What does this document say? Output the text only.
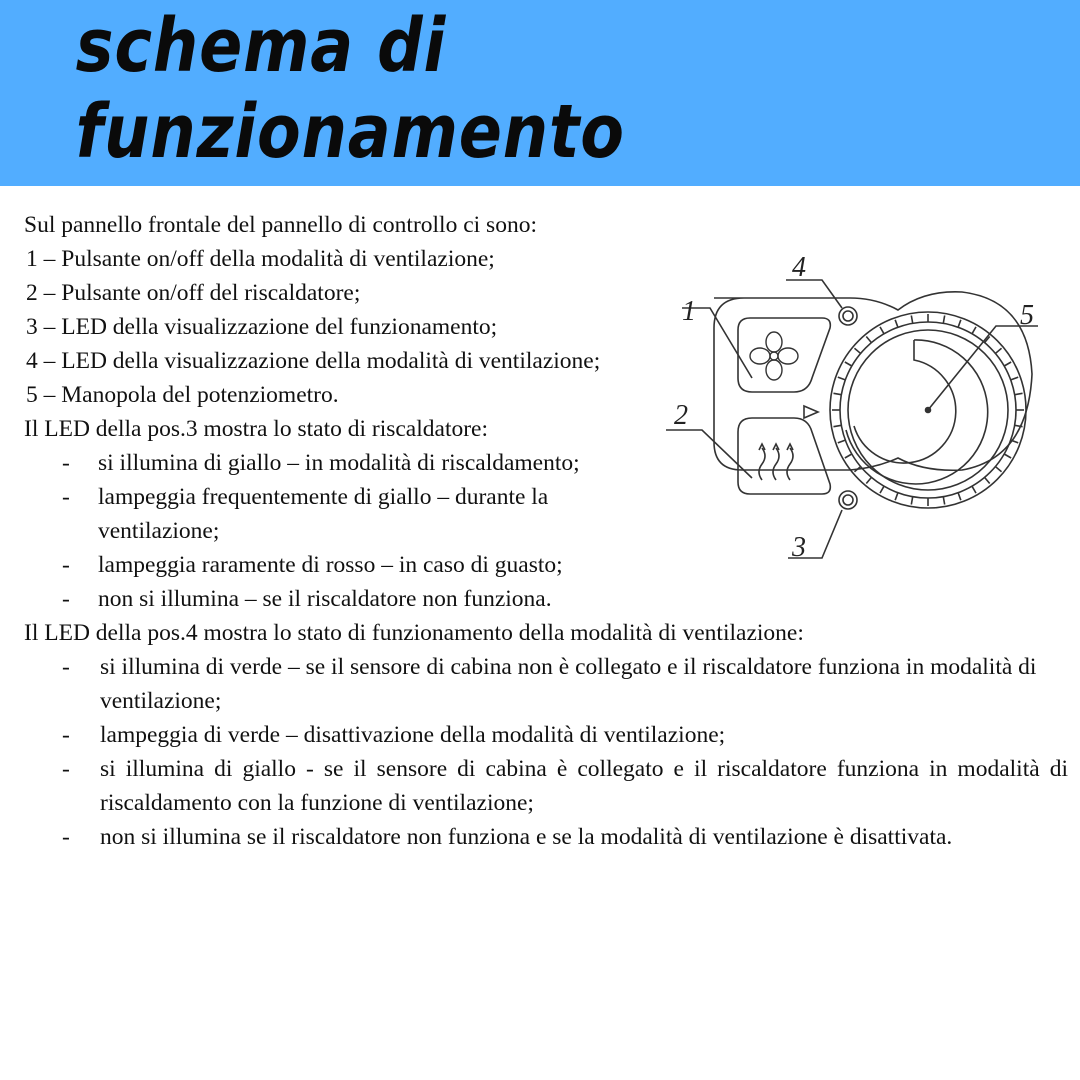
schema di funzionamento

Sul pannello frontale del pannello di controllo ci sono:

1 – Pulsante on/off della modalità di ventilazione;

2 – Pulsante on/off del riscaldatore;

3 – LED della visualizzazione del funzionamento;

4 – LED della visualizzazione della modalità di ventilazione;

5 – Manopola del potenziometro.

Il LED della pos.3 mostra lo stato di riscaldatore:

- si illumina di giallo – in modalità di riscaldamento;
- lampeggia frequentemente di giallo – durante la ventilazione;
- lampeggia raramente di rosso – in caso di guasto;
- non si illumina – se il riscaldatore non funziona.

Il LED della pos.4 mostra lo stato di funzionamento della modalità di ventilazione:

- si illumina di verde – se il sensore di cabina non è collegato e il riscaldatore funziona in modalità di ventilazione;
- lampeggia di verde – disattivazione della modalità di ventilazione;
- si illumina di giallo - se il sensore di cabina è collegato e il riscaldatore funziona in modalità di riscaldamento con la funzione di ventilazione;
- non si illumina se il riscaldatore non funziona e se la modalità di ventilazione è disattivata.
1
2
3
4
5
